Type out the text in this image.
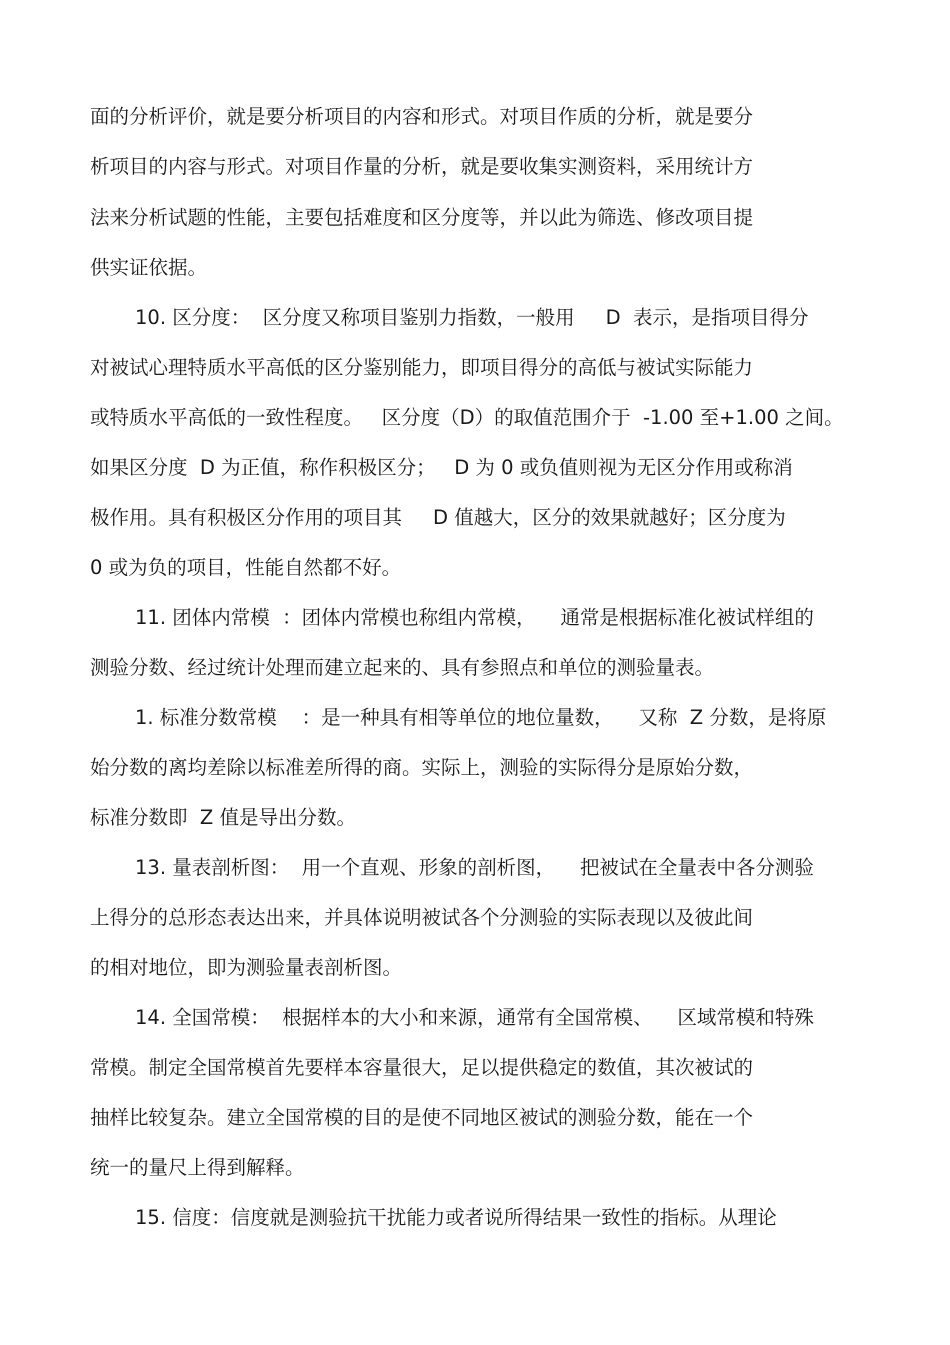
面的分析评价，就是要分析项目的内容和形式。对项目作质的分析，就是要分
析项目的内容与形式。对项目作量的分析，就是要收集实测资料，采用统计方
法来分析试题的性能，主要包括难度和区分度等，并以此为筛选、修改项目提
供实证依据。
10. 区分度：  区分度又称项目鉴别力指数，一般用     D  表示，是指项目得分
对被试心理特质水平高低的区分鉴别能力，即项目得分的高低与被试实际能力
或特质水平高低的一致性程度。   区分度（D）的取值范围介于  -1.00 至+1.00 之间。
如果区分度  D 为正值，称作积极区分；   D 为 0 或负值则视为无区分作用或称消
极作用。具有积极区分作用的项目其     D 值越大，区分的效果就越好；区分度为
0 或为负的项目，性能自然都不好。
11. 团体内常模  ：团体内常模也称组内常模，    通常是根据标准化被试样组的
测验分数、经过统计处理而建立起来的、具有参照点和单位的测验量表。
1. 标准分数常模    ：是一种具有相等单位的地位量数，    又称  Z 分数，是将原
始分数的离均差除以标准差所得的商。实际上，测验的实际得分是原始分数，
标准分数即  Z 值是导出分数。
13. 量表剖析图：  用一个直观、形象的剖析图，    把被试在全量表中各分测验
上得分的总形态表达出来，并具体说明被试各个分测验的实际表现以及彼此间
的相对地位，即为测验量表剖析图。
14. 全国常模：  根据样本的大小和来源，通常有全国常模、    区域常模和特殊
常模。制定全国常模首先要样本容量很大，足以提供稳定的数值，其次被试的
抽样比较复杂。建立全国常模的目的是使不同地区被试的测验分数，能在一个
统一的量尺上得到解释。
15. 信度：信度就是测验抗干扰能力或者说所得结果一致性的指标。从理论
